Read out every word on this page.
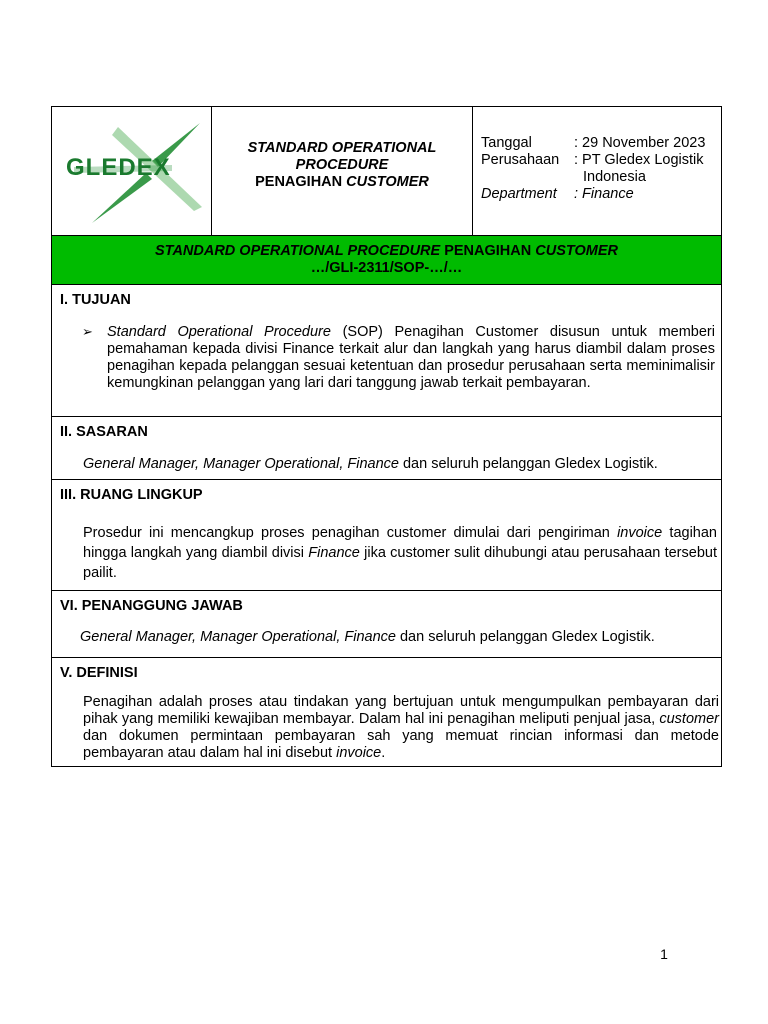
GLEDEX
STANDARD OPERATIONAL
PROCEDURE
PENAGIHAN CUSTOMER
Tanggal	: 29 November 2023
Perusahaan	: PT Gledex Logistik
Indonesia
Department	: Finance
STANDARD OPERATIONAL PROCEDURE PENAGIHAN CUSTOMER
…/GLI-2311/SOP-…/…
I. TUJUAN
➢ Standard Operational Procedure (SOP) Penagihan Customer disusun untuk memberi pemahaman kepada divisi Finance terkait alur dan langkah yang harus diambil dalam proses penagihan kepada pelanggan sesuai ketentuan dan prosedur perusahaan serta meminimalisir kemungkinan pelanggan yang lari dari tanggung jawab terkait pembayaran.
II. SASARAN
General Manager, Manager Operational, Finance dan seluruh pelanggan Gledex Logistik.
III. RUANG LINGKUP
Prosedur ini mencangkup proses penagihan customer dimulai dari pengiriman invoice tagihan hingga langkah yang diambil divisi Finance jika customer sulit dihubungi atau perusahaan tersebut pailit.
VI. PENANGGUNG JAWAB
General Manager, Manager Operational, Finance dan seluruh pelanggan Gledex Logistik.
V. DEFINISI
Penagihan adalah proses atau tindakan yang bertujuan untuk mengumpulkan pembayaran dari pihak yang memiliki kewajiban membayar. Dalam hal ini penagihan meliputi penjual jasa, customer dan dokumen permintaan pembayaran sah yang memuat rincian informasi dan metode pembayaran atau dalam hal ini disebut invoice.
1
